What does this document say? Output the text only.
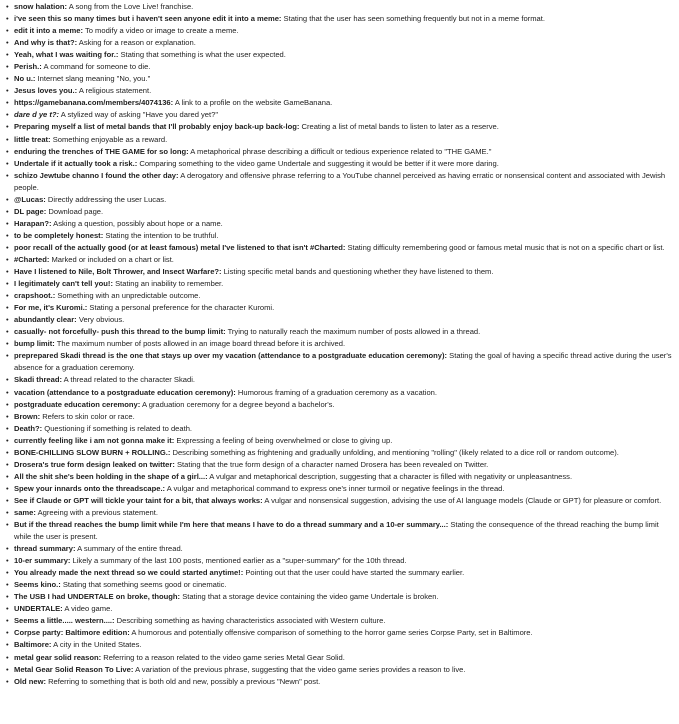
• snow halation: A song from the Love Live! franchise.
• i've seen this so many times but i haven't seen anyone edit it into a meme: Stating that the user has seen something frequently but not in a meme format.
• edit it into a meme: To modify a video or image to create a meme.
• And why is that?: Asking for a reason or explanation.
• Yeah, what I was waiting for.: Stating that something is what the user expected.
• Perish.: A command for someone to die.
• No u.: Internet slang meaning "No, you."
• Jesus loves you.: A religious statement.
• https://gamebanana.com/members/4074136: A link to a profile on the website GameBanana.
• dare d ye t?: A stylized way of asking "Have you dared yet?"
• Preparing myself a list of metal bands that I'll probably enjoy back-up back-log: Creating a list of metal bands to listen to later as a reserve.
• little treat: Something enjoyable as a reward.
• enduring the trenches of THE GAME for so long: A metaphorical phrase describing a difficult or tedious experience related to "THE GAME."
• Undertale if it actually took a risk.: Comparing something to the video game Undertale and suggesting it would be better if it were more daring.
• schizo Jewtube channo I found the other day: A derogatory and offensive phrase referring to a YouTube channel perceived as having erratic or nonsensical content and associated with Jewish people.
• @Lucas: Directly addressing the user Lucas.
• DL page: Download page.
• Harapan?: Asking a question, possibly about hope or a name.
• to be completely honest: Stating the intention to be truthful.
• poor recall of the actually good (or at least famous) metal I've listened to that isn't #Charted: Stating difficulty remembering good or famous metal music that is not on a specific chart or list.
• #Charted: Marked or included on a chart or list.
• Have I listened to Nile, Bolt Thrower, and Insect Warfare?: Listing specific metal bands and questioning whether they have listened to them.
• I legitimately can't tell you!: Stating an inability to remember.
• crapshoot.: Something with an unpredictable outcome.
• For me, it's Kuromi.: Stating a personal preference for the character Kuromi.
• abundantly clear: Very obvious.
• casually- not forcefully- push this thread to the bump limit: Trying to naturally reach the maximum number of posts allowed in a thread.
• bump limit: The maximum number of posts allowed in an image board thread before it is archived.
• preprepared Skadi thread is the one that stays up over my vacation (attendance to a postgraduate education ceremony): Stating the goal of having a specific thread active during the user's absence for a graduation ceremony.
• Skadi thread: A thread related to the character Skadi.
• vacation (attendance to a postgraduate education ceremony): Humorous framing of a graduation ceremony as a vacation.
• postgraduate education ceremony: A graduation ceremony for a degree beyond a bachelor's.
• Brown: Refers to skin color or race.
• Death?: Questioning if something is related to death.
• currently feeling like i am not gonna make it: Expressing a feeling of being overwhelmed or close to giving up.
• BONE-CHILLING SLOW BURN + ROLLING.: Describing something as frightening and gradually unfolding, and mentioning "rolling" (likely related to a dice roll or random outcome).
• Drosera's true form design leaked on twitter: Stating that the true form design of a character named Drosera has been revealed on Twitter.
• All the shit she's been holding in the shape of a girl...: A vulgar and metaphorical description, suggesting that a character is filled with negativity or unpleasantness.
• Spew your innards onto the threadscape.: A vulgar and metaphorical command to express one's inner turmoil or negative feelings in the thread.
• See if Claude or GPT will tickle your taint for a bit, that always works: A vulgar and nonsensical suggestion, advising the use of AI language models (Claude or GPT) for pleasure or comfort.
• same: Agreeing with a previous statement.
• But if the thread reaches the bump limit while I'm here that means I have to do a thread summary and a 10-er summary...: Stating the consequence of the thread reaching the bump limit while the user is present.
• thread summary: A summary of the entire thread.
• 10-er summary: Likely a summary of the last 100 posts, mentioned earlier as a "super-summary" for the 10th thread.
• You already made the next thread so we could started anytime!: Pointing out that the user could have started the summary earlier.
• Seems kino.: Stating that something seems good or cinematic.
• The USB I had UNDERTALE on broke, though: Stating that a storage device containing the video game Undertale is broken.
• UNDERTALE: A video game.
• Seems a little..... western....: Describing something as having characteristics associated with Western culture.
• Corpse party: Baltimore edition: A humorous and potentially offensive comparison of something to the horror game series Corpse Party, set in Baltimore.
• Baltimore: A city in the United States.
• metal gear solid reason: Referring to a reason related to the video game series Metal Gear Solid.
• Metal Gear Solid Reason To Live: A variation of the previous phrase, suggesting that the video game series provides a reason to live.
• Old new: Referring to something that is both old and new, possibly a previous "Newn" post.
